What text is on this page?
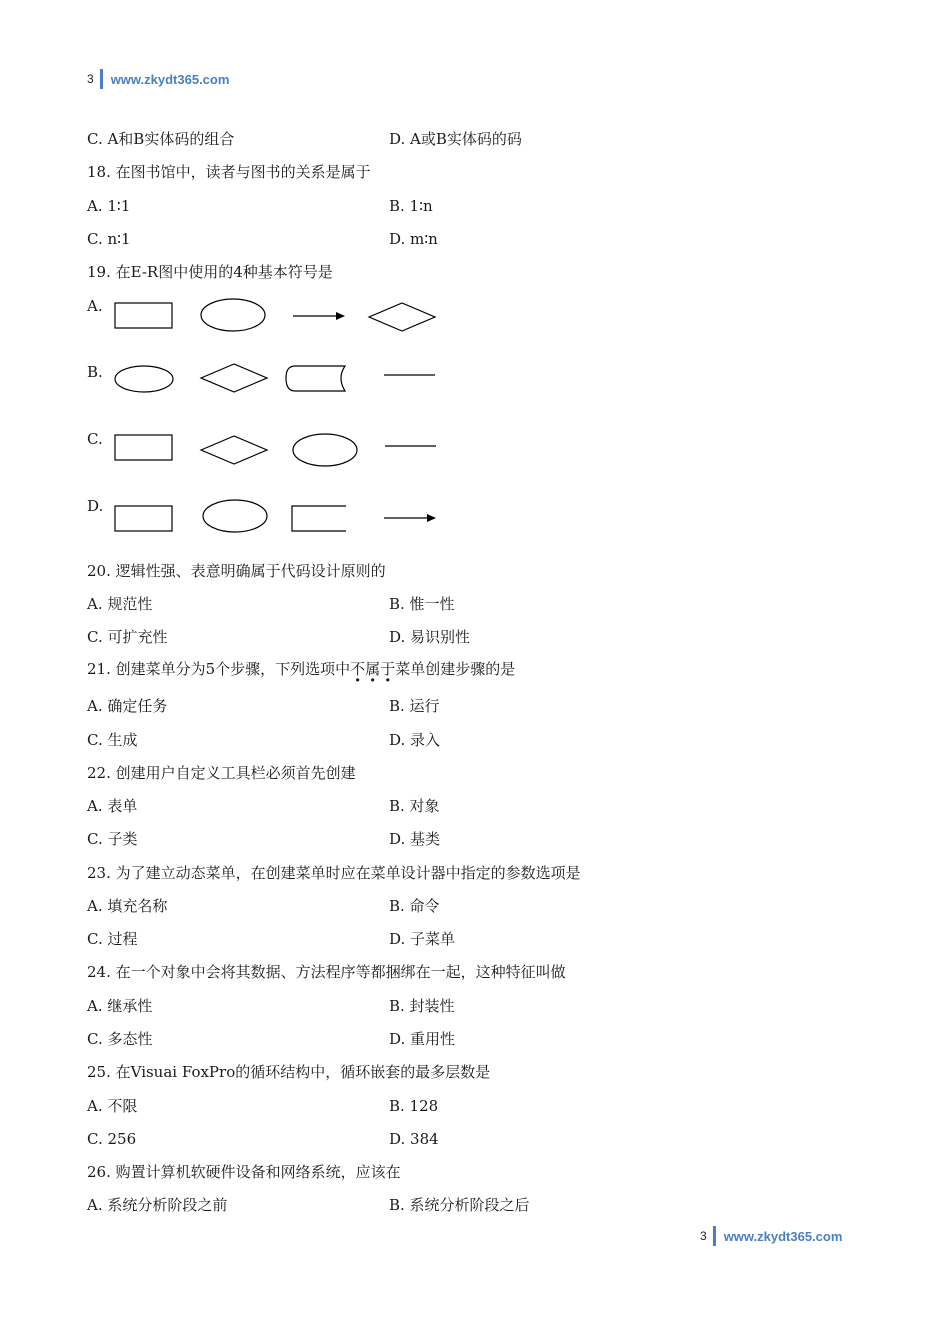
3 www.zkydt365.com
C. A和B实体码的组合	D. A或B实体码的码
18. 在图书馆中，读者与图书的关系是属于
A. 1∶1	B. 1∶n
C. n∶1	D. m∶n
19. 在E-R图中使用的4种基本符号是
A.
B.
C.
D.
20. 逻辑性强、表意明确属于代码设计原则的
A. 规范性	B. 惟一性
C. 可扩充性	D. 易识别性
21. 创建菜单分为5个步骤，下列选项中不属于菜单创建步骤的是
A. 确定任务	B. 运行
C. 生成	D. 录入
22. 创建用户自定义工具栏必须首先创建
A. 表单	B. 对象
C. 子类	D. 基类
23. 为了建立动态菜单，在创建菜单时应在菜单设计器中指定的参数选项是
A. 填充名称	B. 命令
C. 过程	D. 子菜单
24. 在一个对象中会将其数据、方法程序等都捆绑在一起，这种特征叫做
A. 继承性	B. 封装性
C. 多态性	D. 重用性
25. 在Visuai FoxPro的循环结构中，循环嵌套的最多层数是
A. 不限	B. 128
C. 256	D. 384
26. 购置计算机软硬件设备和网络系统，应该在
A. 系统分析阶段之前	B. 系统分析阶段之后
3 www.zkydt365.com
